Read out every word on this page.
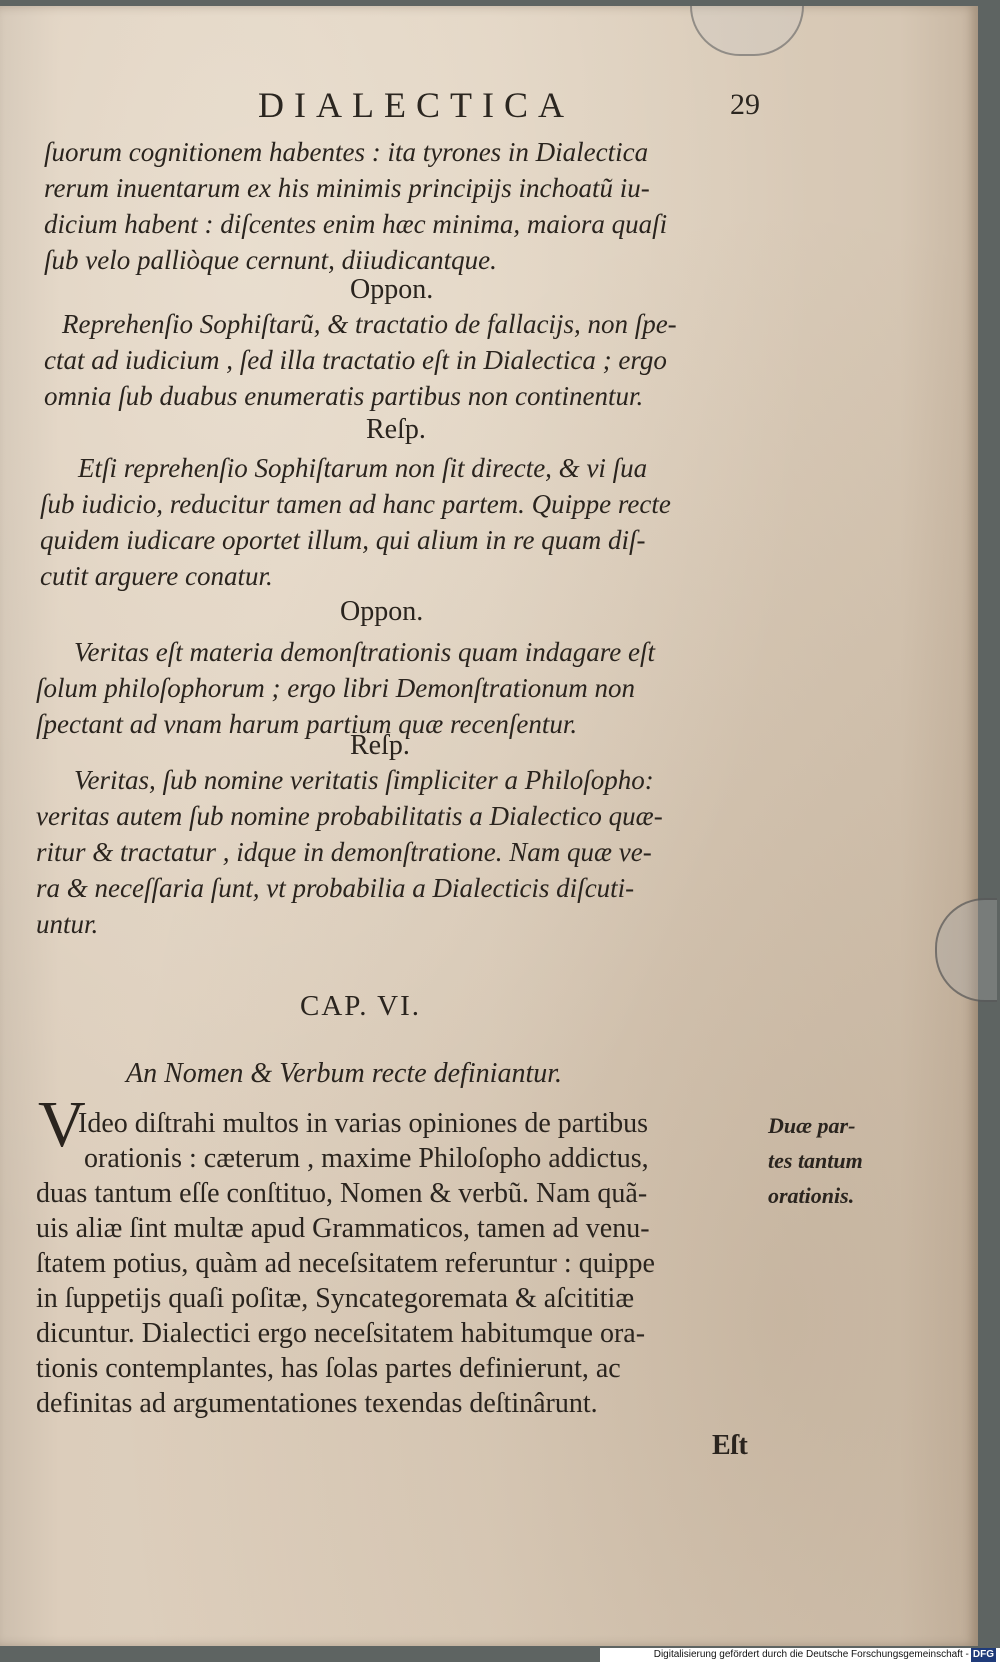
DIALECTICA	29
ſuorum cognitionem habentes : ita tyrones in Dialectica
rerum inuentarum ex his minimis principijs inchoatũ iu-
dicium habent : diſcentes enim hæc minima, maiora quaſi
ſub velo palliòque cernunt, diiudicantque.
Oppon.
Reprehenſio Sophiſtarũ, & tractatio de fallacijs, non ſpe-
ctat ad iudicium , ſed illa tractatio eſt in Dialectica ; ergo
omnia ſub duabus enumeratis partibus non continentur.
Reſp.
Etſi reprehenſio Sophiſtarum non ſit directe, & vi ſua
ſub iudicio, reducitur tamen ad hanc partem. Quippe recte
quidem iudicare oportet illum, qui alium in re quam diſ-
cutit arguere conatur.
Oppon.
Veritas eſt materia demonſtrationis quam indagare eſt
ſolum philoſophorum ; ergo libri Demonſtrationum non
ſpectant ad vnam harum partium quæ recenſentur.
Reſp.
Veritas, ſub nomine veritatis ſimpliciter a Philoſopho:
veritas autem ſub nomine probabilitatis a Dialectico quæ-
ritur & tractatur , idque in demonſtratione. Nam quæ ve-
ra & neceſſaria ſunt, vt probabilia a Dialecticis diſcuti-
untur.
CAP. VI.
An Nomen & Verbum recte definiantur.
V
Ideo diſtrahi multos in varias opiniones de partibus
orationis : cæterum , maxime Philoſopho addictus,
duas tantum eſſe conſtituo, Nomen & verbũ. Nam quã-
uis aliæ ſint multæ apud Grammaticos, tamen ad venu-
ſtatem potius, quàm ad neceſsitatem referuntur : quippe
in ſuppetijs quaſi poſitæ, Syncategoremata & aſcititiæ
dicuntur. Dialectici ergo neceſsitatem habitumque ora-
tionis contemplantes, has ſolas partes definierunt, ac
definitas ad argumentationes texendas deſtinârunt.
Duæ par-
tes tantum
orationis.
Eſt
Digitalisierung gefördert durch die Deutsche Forschungsgemeinschaft - DFG
